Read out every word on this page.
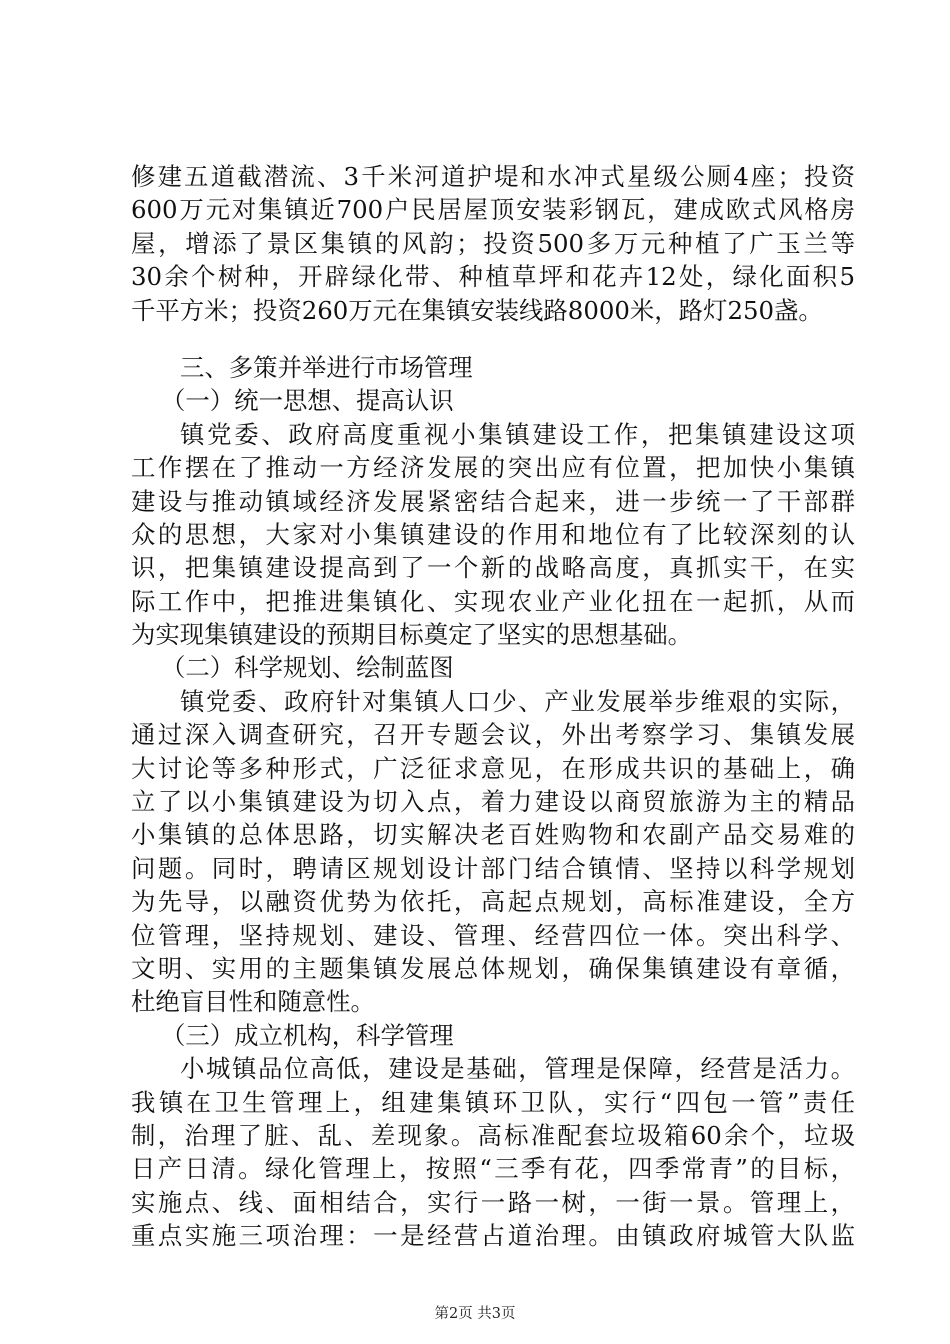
修建五道截潜流、3千米河道护堤和水冲式星级公厕4座；投资
600万元对集镇近700户民居屋顶安装彩钢瓦，建成欧式风格房
屋，增添了景区集镇的风韵；投资500多万元种植了广玉兰等
30余个树种，开辟绿化带、种植草坪和花卉12处，绿化面积5
千平方米；投资260万元在集镇安装线路8000米，路灯250盏。
三、多策并举进行市场管理
（一）统一思想、提高认识
镇党委、政府高度重视小集镇建设工作，把集镇建设这项
工作摆在了推动一方经济发展的突出应有位置，把加快小集镇
建设与推动镇域经济发展紧密结合起来，进一步统一了干部群
众的思想，大家对小集镇建设的作用和地位有了比较深刻的认
识，把集镇建设提高到了一个新的战略高度，真抓实干，在实
际工作中，把推进集镇化、实现农业产业化扭在一起抓，从而
为实现集镇建设的预期目标奠定了坚实的思想基础。
（二）科学规划、绘制蓝图
镇党委、政府针对集镇人口少、产业发展举步维艰的实际，
通过深入调查研究，召开专题会议，外出考察学习、集镇发展
大讨论等多种形式，广泛征求意见，在形成共识的基础上，确
立了以小集镇建设为切入点，着力建设以商贸旅游为主的精品
小集镇的总体思路，切实解决老百姓购物和农副产品交易难的
问题。同时，聘请区规划设计部门结合镇情、坚持以科学规划
为先导，以融资优势为依托，高起点规划，高标准建设，全方
位管理，坚持规划、建设、管理、经营四位一体。突出科学、
文明、实用的主题集镇发展总体规划，确保集镇建设有章循，
杜绝盲目性和随意性。
（三）成立机构，科学管理
小城镇品位高低，建设是基础，管理是保障，经营是活力。
我镇在卫生管理上，组建集镇环卫队，实行“四包一管”责任
制，治理了脏、乱、差现象。高标准配套垃圾箱60余个，垃圾
日产日清。绿化管理上，按照“三季有花，四季常青”的目标，
实施点、线、面相结合，实行一路一树，一街一景。管理上，
重点实施三项治理：一是经营占道治理。由镇政府城管大队监
第2页 共3页
